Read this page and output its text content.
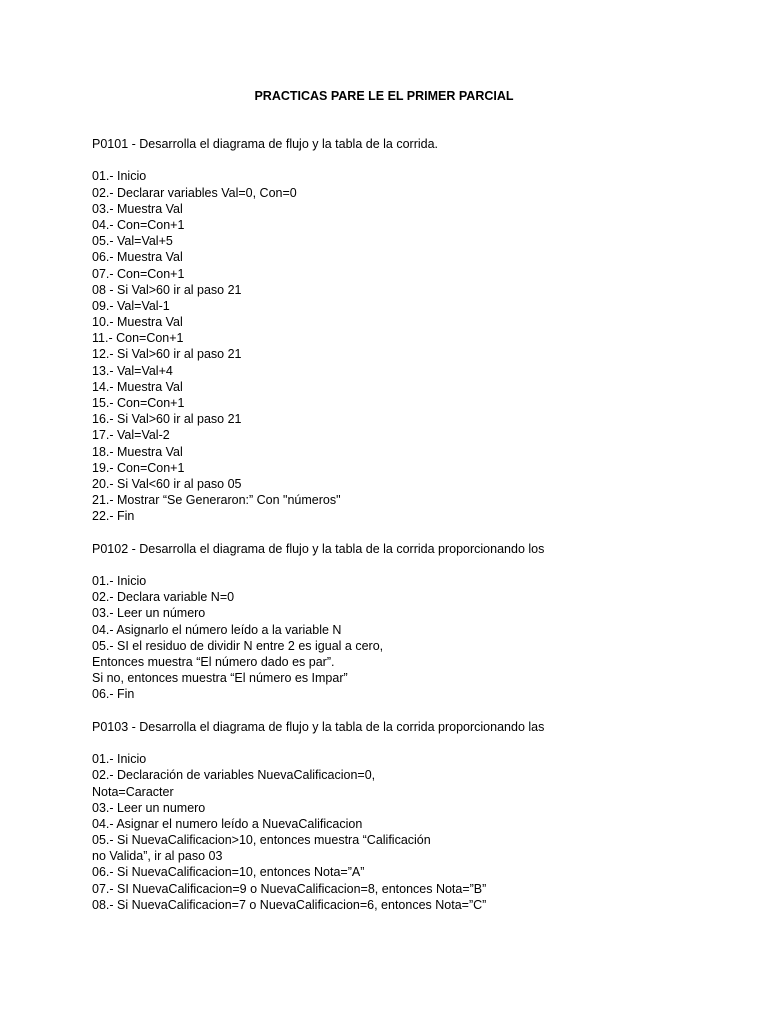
PRACTICAS PARE LE EL PRIMER PARCIAL
P0101 - Desarrolla el diagrama de flujo y la tabla de la corrida.
01.- Inicio
02.- Declarar variables Val=0, Con=0
03.- Muestra Val
04.- Con=Con+1
05.- Val=Val+5
06.- Muestra Val
07.- Con=Con+1
08 - Si Val>60 ir al paso 21
09.- Val=Val-1
10.- Muestra Val
11.- Con=Con+1
12.- Si Val>60 ir al paso 21
13.- Val=Val+4
14.- Muestra Val
15.- Con=Con+1
16.- Si Val>60 ir al paso 21
17.- Val=Val-2
18.- Muestra Val
19.- Con=Con+1
20.- Si Val<60 ir al paso 05
21.- Mostrar “Se Generaron:” Con "números"
22.- Fin
P0102 - Desarrolla el diagrama de flujo y la tabla de la corrida proporcionando los
01.- Inicio
02.- Declara variable N=0
03.- Leer un número
04.- Asignarlo el número leído a la variable N
05.- SI el residuo de dividir N entre 2 es igual a cero,
Entonces muestra “El número dado es par”.
Si no, entonces muestra “El número es Impar”
06.- Fin
P0103 - Desarrolla el diagrama de flujo y la tabla de la corrida proporcionando las
01.- Inicio
02.- Declaración de variables NuevaCalificacion=0,
Nota=Caracter
03.- Leer un numero
04.- Asignar el numero leído a NuevaCalificacion
05.- Si NuevaCalificacion>10, entonces muestra “Calificación
no Valida”, ir al paso 03
06.- Si NuevaCalificacion=10, entonces Nota=”A”
07.- SI NuevaCalificacion=9 o NuevaCalificacion=8, entonces Nota=”B”
08.- Si NuevaCalificacion=7 o NuevaCalificacion=6, entonces Nota=”C”
